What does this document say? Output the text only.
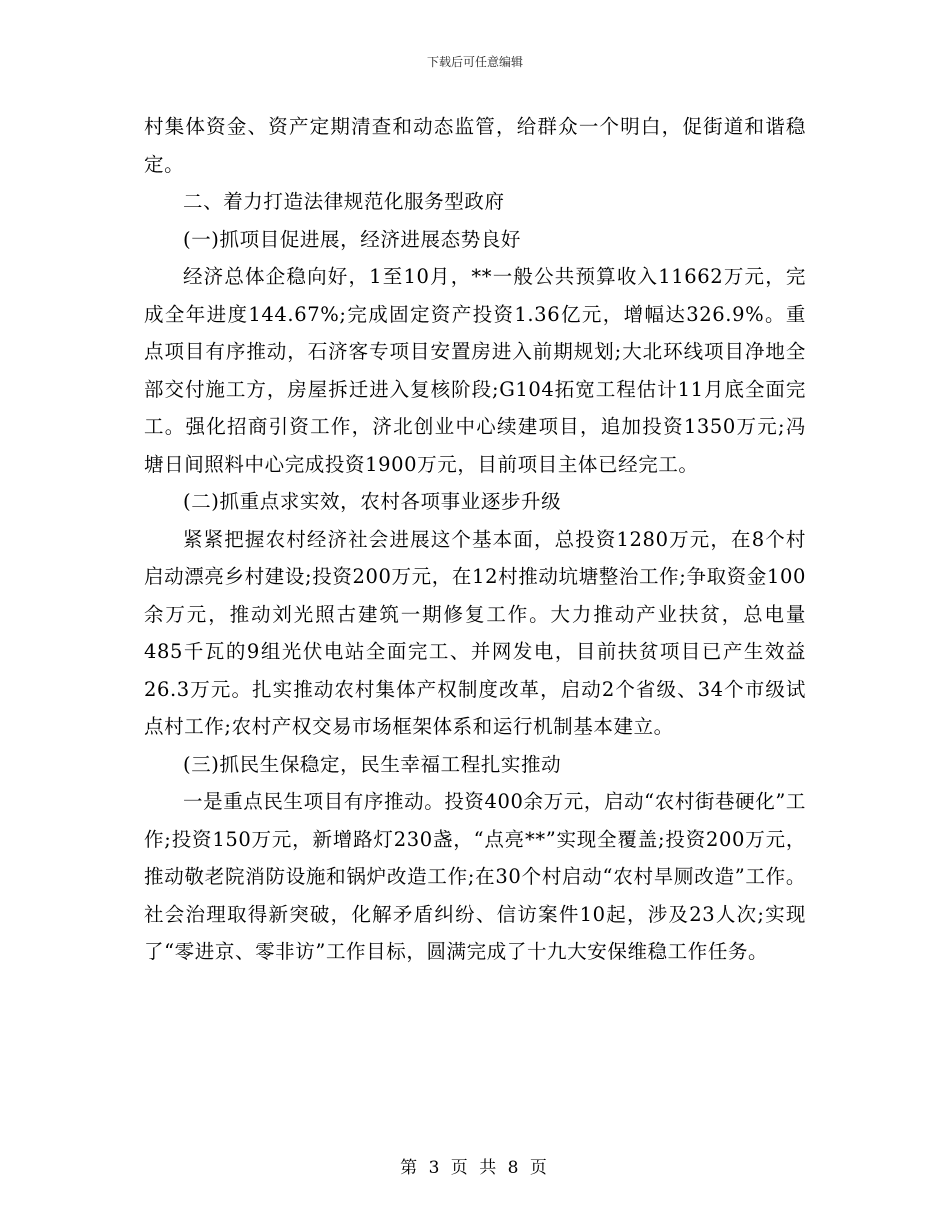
下载后可任意编辑

村集体资金、资产定期清查和动态监管，给群众一个明白，促街道和谐稳定。

二、着力打造法律规范化服务型政府

(一)抓项目促进展，经济进展态势良好

经济总体企稳向好，1至10月，**一般公共预算收入11662万元，完成全年进度144.67%;完成固定资产投资1.36亿元，增幅达326.9%。重点项目有序推动，石济客专项目安置房进入前期规划;大北环线项目净地全部交付施工方，房屋拆迁进入复核阶段;G104拓宽工程估计11月底全面完工。强化招商引资工作，济北创业中心续建项目，追加投资1350万元;冯塘日间照料中心完成投资1900万元，目前项目主体已经完工。

(二)抓重点求实效，农村各项事业逐步升级

紧紧把握农村经济社会进展这个基本面，总投资1280万元，在8个村启动漂亮乡村建设;投资200万元，在12村推动坑塘整治工作;争取资金100余万元，推动刘光照古建筑一期修复工作。大力推动产业扶贫，总电量485千瓦的9组光伏电站全面完工、并网发电，目前扶贫项目已产生效益26.3万元。扎实推动农村集体产权制度改革，启动2个省级、34个市级试点村工作;农村产权交易市场框架体系和运行机制基本建立。

(三)抓民生保稳定，民生幸福工程扎实推动

一是重点民生项目有序推动。投资400余万元，启动“农村街巷硬化”工作;投资150万元，新增路灯230盏，“点亮**”实现全覆盖;投资200万元，推动敬老院消防设施和锅炉改造工作;在30个村启动“农村旱厕改造”工作。社会治理取得新突破，化解矛盾纠纷、信访案件10起，涉及23人次;实现了“零进京、零非访”工作目标，圆满完成了十九大安保维稳工作任务。

第 3 页 共 8 页
